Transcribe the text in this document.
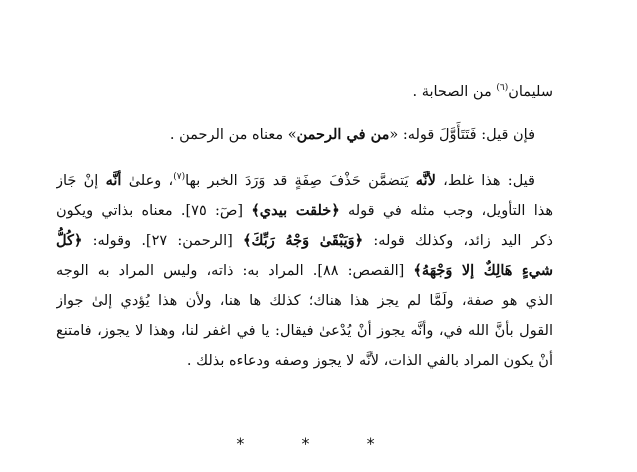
سليمان$^{(٦)}$ من الصحابة .
فإن قيل: فَتَتَأَوَّلَ قوله: «من في الرحمن» معناه من الرحمن .
قيل: هذا غلط، لأنَّه يَتضمَّن حَذْفَ صِفَةٍ قد وَرَدَ الخبر بها$^{(٧)}$، وعلىٰ أنَّه إنْ جَاز
هذا التأويل، وجب مثله في قوله ﴿خلقت بيدي﴾ [صٓ: ٧٥]. معناه بذاتي ويكون
ذكر اليد زائد، وكذلك قوله: ﴿وَيَبْقَىٰ وَجْهُ رَبِّكَ﴾ [الرحمن: ٢٧]. وقوله: ﴿كُلُّ
شيءٍ هَالِكٌ إلا وَجْهَهُ﴾ [القصص: ٨٨]. المراد به: ذاته، وليس المراد به الوجه
الذي هو صفة، ولَمَّا لم يجز هذا هناك؛ كذلك ها هنا، ولأن هذا يُؤدي إلىٰ جواز
القول بأنَّ الله في، وأنَّه يجوز أنْ يُدْعىٰ فيقال: يا في اغفر لنا، وهذا لا يجوز، فامتنع
أنْ يكون المراد بالفي الذات، لأنَّه لا يجوز وصفه ودعاءه بذلك .
* * *
